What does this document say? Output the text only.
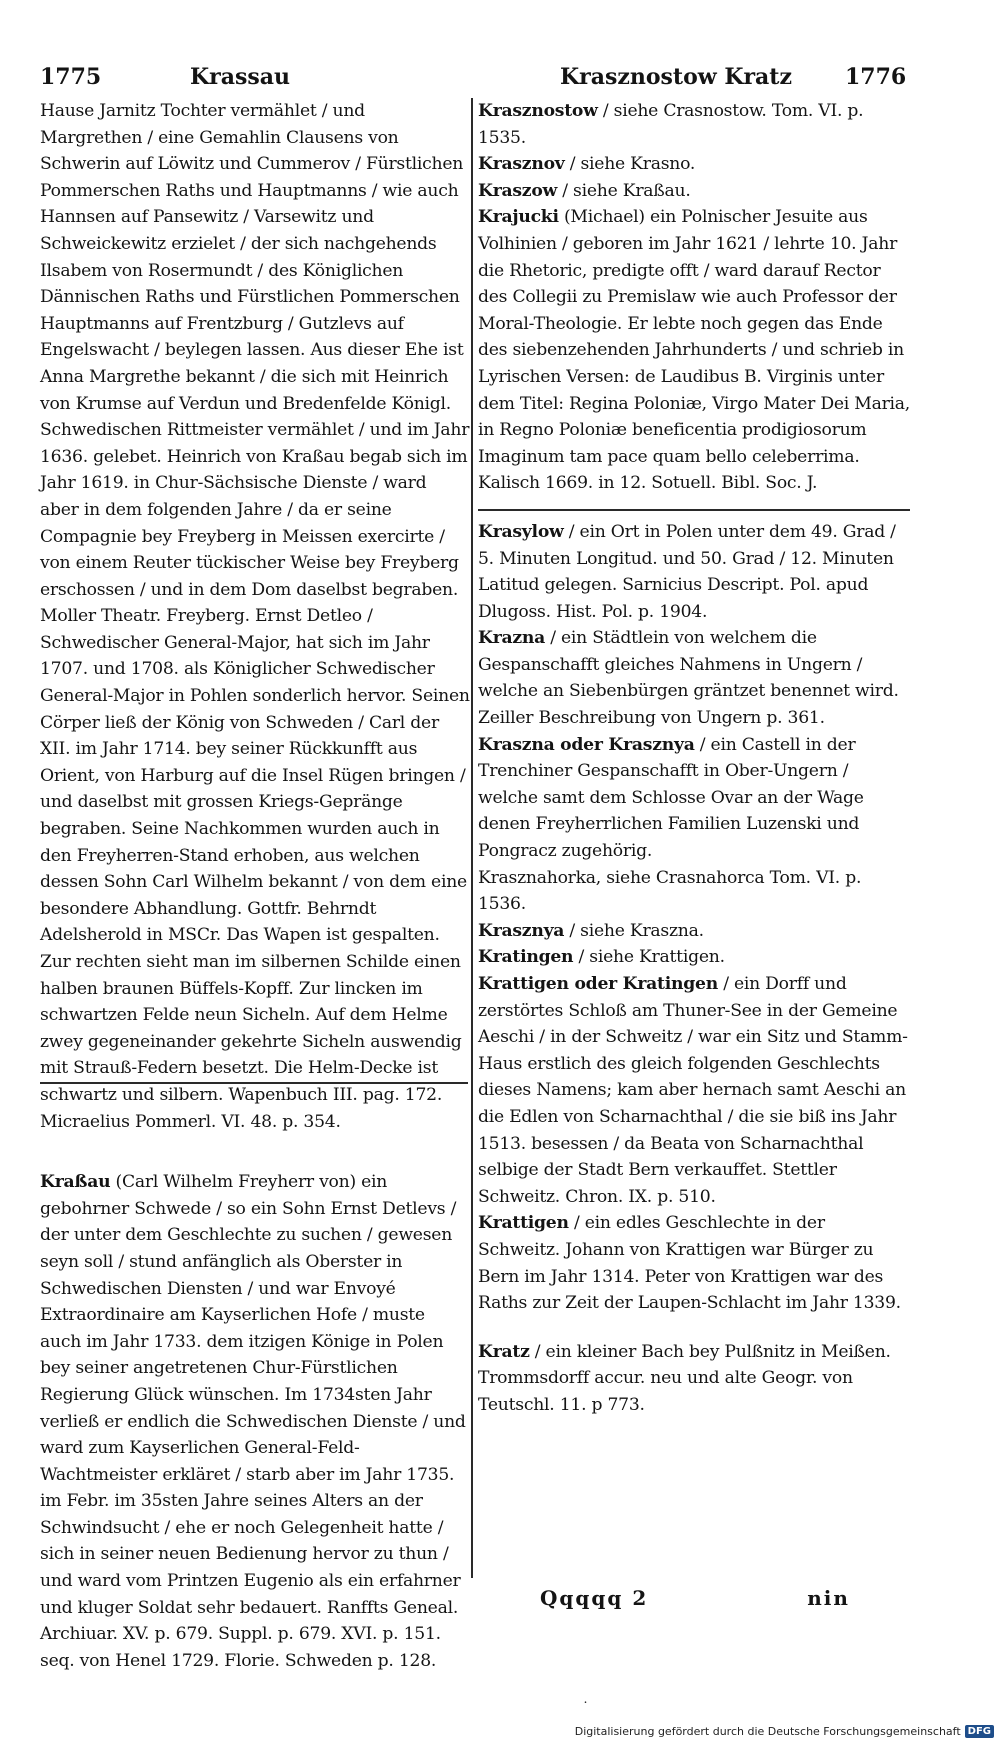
1775	Krassau	Krasznostow Kratz 1776

Hause Jarnitz Tochter vermählet / und Margrethen / eine Gemahlin Clausens von Schwerin auf Löwitz und Cummerov / Fürstlichen Pommerschen Raths und Hauptmanns / wie auch Hannsen auf Pansewitz / Varsewitz und Schweickewitz erzielet / der sich nachgehends Ilsabem von Rosermundt / des Königlichen Dännischen Raths und Fürstlichen Pommerschen Hauptmanns auf Frentzburg / Gutzlevs auf Engelswacht / beylegen lassen. Aus dieser Ehe ist Anna Margrethe bekannt / die sich mit Heinrich von Krumse auf Verdun und Bredenfelde Königl. Schwedischen Rittmeister vermählet / und im Jahr 1636. gelebet. Heinrich von Kraßau begab sich im Jahr 1619. in Chur-Sächsische Dienste / ward aber in dem folgenden Jahre / da er seine Compagnie bey Freyberg in Meissen exercirte / von einem Reuter tückischer Weise bey Freyberg erschossen / und in dem Dom daselbst begraben. Moller Theatr. Freyberg. Ernst Detleo / Schwedischer General-Major, hat sich im Jahr 1707. und 1708. als Königlicher Schwedischer General-Major in Pohlen sonderlich hervor. Seinen Cörper ließ der König von Schweden / Carl der XII. im Jahr 1714. bey seiner Rückkunfft aus Orient, von Harburg auf die Insel Rügen bringen / und daselbst mit grossen Kriegs-Gepränge begraben. Seine Nachkommen wurden auch in den Freyherren-Stand erhoben, aus welchen dessen Sohn Carl Wilhelm bekannt / von dem eine besondere Abhandlung. Gottfr. Behrndt Adelsherold in MSCr. Das Wapen ist gespalten. Zur rechten sieht man im silbernen Schilde einen halben braunen Büffels-Kopff. Zur lincken im schwartzen Felde neun Sicheln. Auf dem Helme zwey gegeneinander gekehrte Sicheln auswendig mit Strauß-Federn besetzt. Die Helm-Decke ist schwartz und silbern. Wapenbuch III. pag. 172. Micraelius Pommerl. VI. 48. p. 354.

Kraßau (Carl Wilhelm Freyherr von) ein gebohrner Schwede / so ein Sohn Ernst Detlevs / der unter dem Geschlechte zu suchen / gewesen seyn soll / stund anfänglich als Oberster in Schwedischen Diensten / und war Envoyé Extraordinaire am Kayserlichen Hofe / muste auch im Jahr 1733. dem itzigen Könige in Polen bey seiner angetretenen Chur-Fürstlichen Regierung Glück wünschen. Im 1734sten Jahr verließ er endlich die Schwedischen Dienste / und ward zum Kayserlichen General-Feld-Wachtmeister erkläret / starb aber im Jahr 1735. im Febr. im 35sten Jahre seines Alters an der Schwindsucht / ehe er noch Gelegenheit hatte / sich in seiner neuen Bedienung hervor zu thun / und ward vom Printzen Eugenio als ein erfahrner und kluger Soldat sehr bedauert. Ranffts Geneal. Archiuar. XV. p. 679. Suppl. p. 679. XVI. p. 151. seq. von Henel 1729. Florie. Schweden p. 128.

Krasznostow / siehe Crasnostow. Tom. VI. p. 1535.

Krasznov / siehe Krasno.

Kraszow / siehe Kraßau.

Krajucki (Michael) ein Polnischer Jesuite aus Volhinien / geboren im Jahr 1621 / lehrte 10. Jahr die Rhetoric, predigte offt / ward darauf Rector des Collegii zu Premislaw wie auch Professor der Moral-Theologie. Er lebte noch gegen das Ende des siebenzehenden Jahrhunderts / und schrieb in Lyrischen Versen: de Laudibus B. Virginis unter dem Titel: Regina Poloniæ, Virgo Mater Dei Maria, in Regno Poloniæ beneficentia prodigiosorum Imaginum tam pace quam bello celeberrima. Kalisch 1669. in 12. Sotuell. Bibl. Soc. J.

Krasylow / ein Ort in Polen unter dem 49. Grad / 5. Minuten Longitud. und 50. Grad / 12. Minuten Latitud gelegen. Sarnicius Descript. Pol. apud Dlugoss. Hist. Pol. p. 1904.

Krazna / ein Städtlein von welchem die Gespanschafft gleiches Nahmens in Ungern / welche an Siebenbürgen gräntzet benennet wird. Zeiller Beschreibung von Ungern p. 361.

Kraszna oder Krasznya / ein Castell in der Trenchiner Gespanschafft in Ober-Ungern / welche samt dem Schlosse Ovar an der Wage denen Freyherrlichen Familien Luzenski und Pongracz zugehörig.

Krasznahorka, siehe Crasnahorca Tom. VI. p. 1536.

Krasznya / siehe Kraszna.

Kratingen / siehe Krattigen.

Krattigen oder Kratingen / ein Dorff und zerstörtes Schloß am Thuner-See in der Gemeine Aeschi / in der Schweitz / war ein Sitz und Stamm-Haus erstlich des gleich folgenden Geschlechts dieses Namens; kam aber hernach samt Aeschi an die Edlen von Scharnachthal / die sie biß ins Jahr 1513. besessen / da Beata von Scharnachthal selbige der Stadt Bern verkauffet. Stettler Schweitz. Chron. IX. p. 510.

Krattigen / ein edles Geschlechte in der Schweitz. Johann von Krattigen war Bürger zu Bern im Jahr 1314. Peter von Krattigen war des Raths zur Zeit der Laupen-Schlacht im Jahr 1339.

Kratz / ein kleiner Bach bey Pulßnitz in Meißen. Trommsdorff accur. neu und alte Geogr. von Teutschl. 11. p 773.

Qqqqq 2	nin
˙
Digitalisierung gefördert durch die Deutsche Forschungsgemeinschaft DFG
